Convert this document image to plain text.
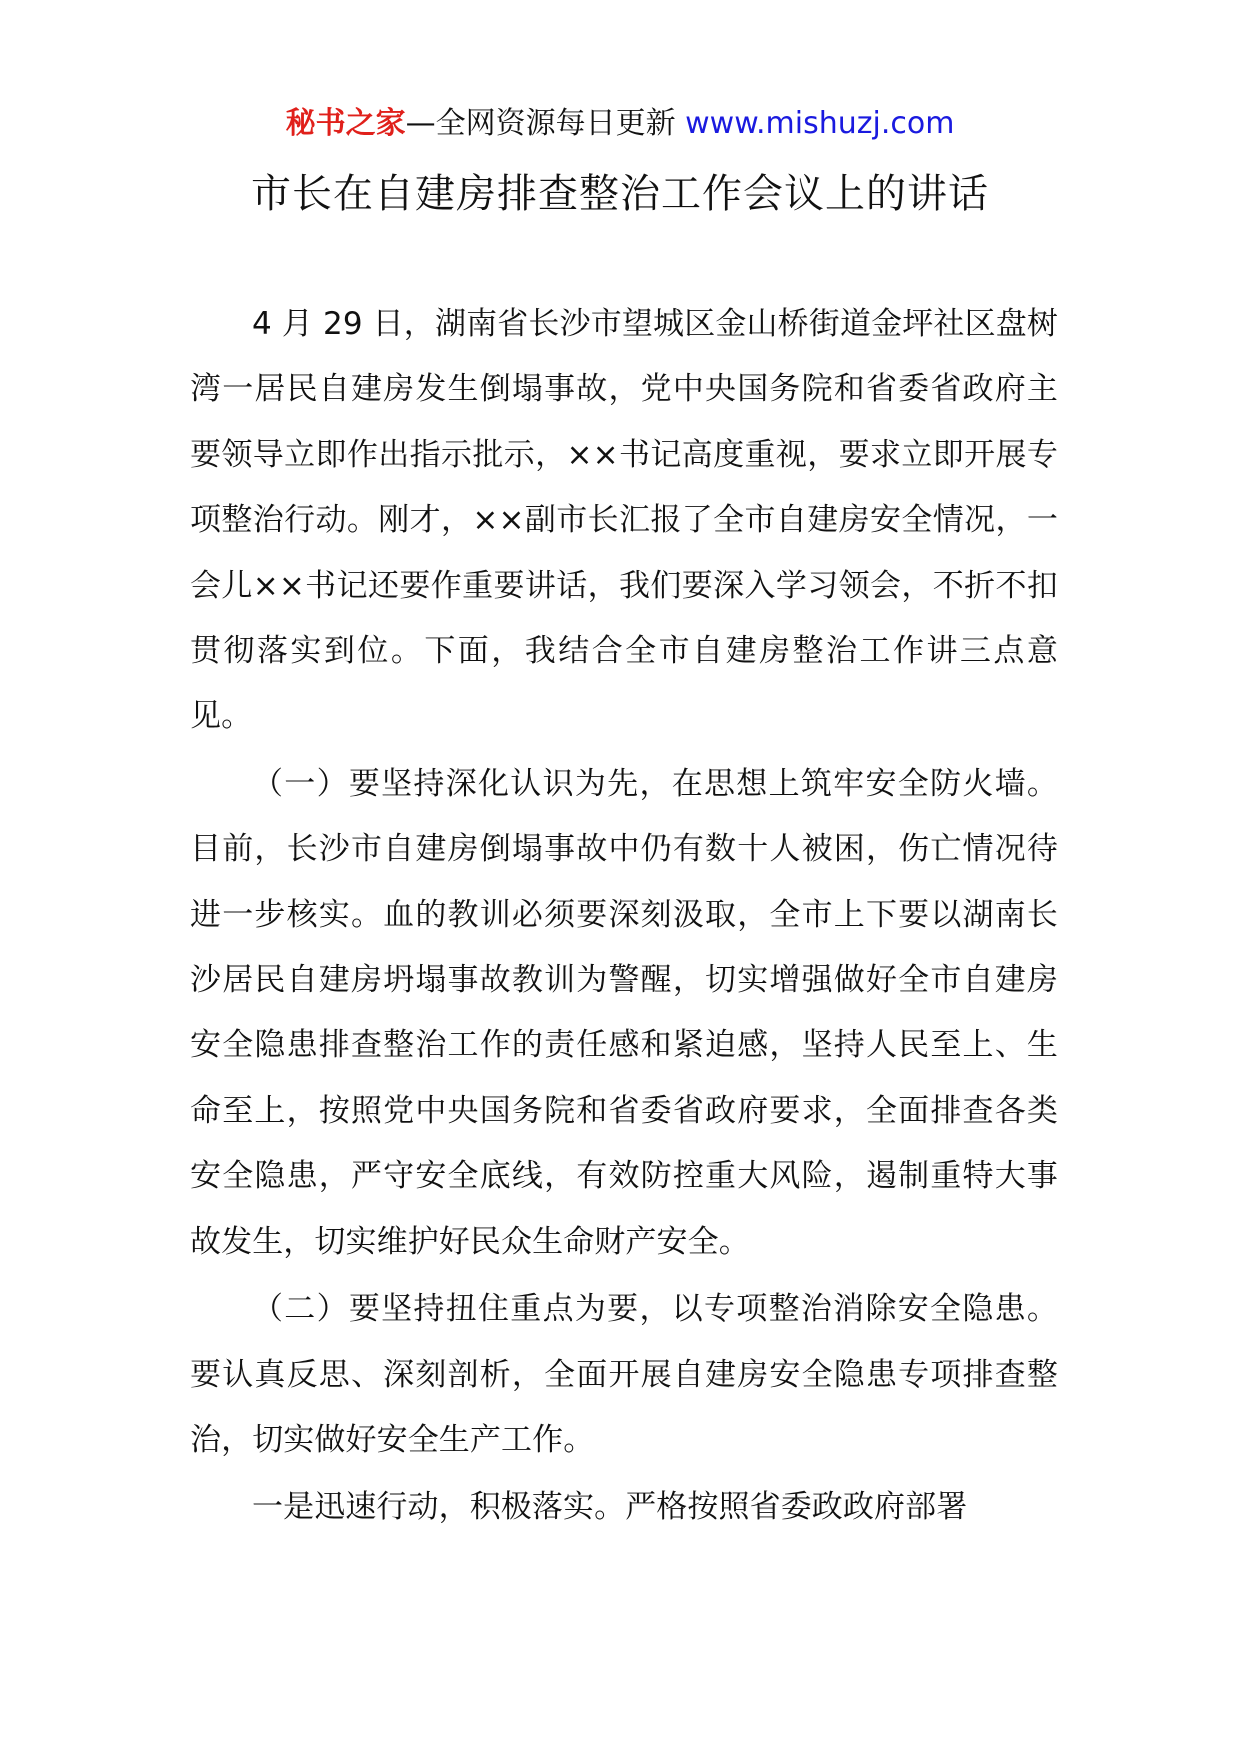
秘书之家—全网资源每日更新 www.mishuzj.com
市长在自建房排查整治工作会议上的讲话

4 月 29 日，湖南省长沙市望城区金山桥街道金坪社区盘树湾一居民自建房发生倒塌事故，党中央国务院和省委省政府主要领导立即作出指示批示，××书记高度重视，要求立即开展专项整治行动。刚才，××副市长汇报了全市自建房安全情况，一会儿××书记还要作重要讲话，我们要深入学习领会，不折不扣贯彻落实到位。下面，我结合全市自建房整治工作讲三点意见。

（一）要坚持深化认识为先，在思想上筑牢安全防火墙。目前，长沙市自建房倒塌事故中仍有数十人被困，伤亡情况待进一步核实。血的教训必须要深刻汲取，全市上下要以湖南长沙居民自建房坍塌事故教训为警醒，切实增强做好全市自建房安全隐患排查整治工作的责任感和紧迫感，坚持人民至上、生命至上，按照党中央国务院和省委省政府要求，全面排查各类安全隐患，严守安全底线，有效防控重大风险，遏制重特大事故发生，切实维护好民众生命财产安全。

（二）要坚持扭住重点为要，以专项整治消除安全隐患。要认真反思、深刻剖析，全面开展自建房安全隐患专项排查整治，切实做好安全生产工作。

一是迅速行动，积极落实。严格按照省委政政府部署
